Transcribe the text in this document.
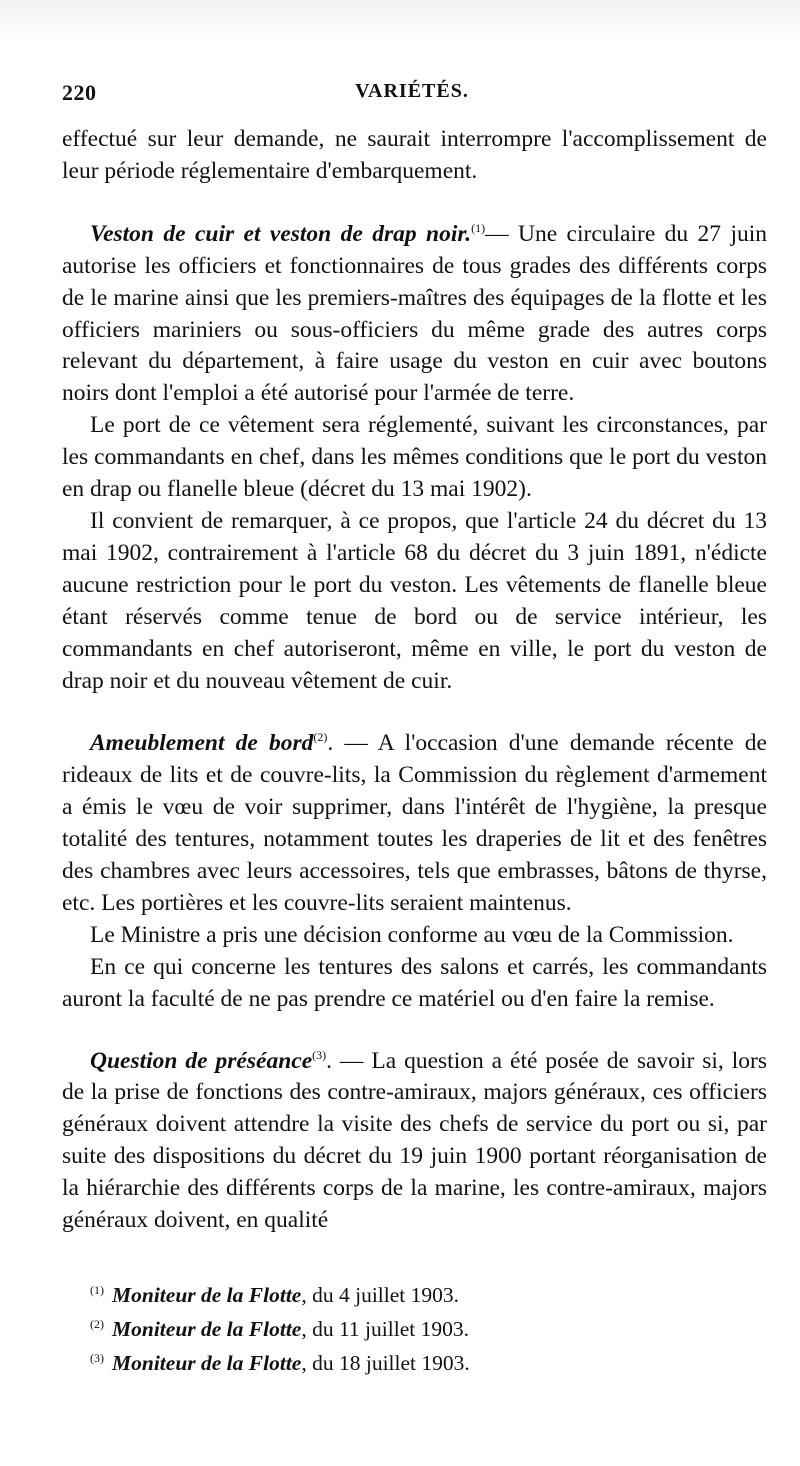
220	VARIÉTÉS.

effectué sur leur demande, ne saurait interrompre l'accomplissement de leur période réglementaire d'embarquement.

Veston de cuir et veston de drap noir.$^{(1)}$— Une circulaire du 27 juin autorise les officiers et fonctionnaires de tous grades des différents corps de le marine ainsi que les premiers-maîtres des équipages de la flotte et les officiers mariniers ou sous-officiers du même grade des autres corps relevant du département, à faire usage du veston en cuir avec boutons noirs dont l'emploi a été autorisé pour l'armée de terre.

Le port de ce vêtement sera réglementé, suivant les circonstances, par les commandants en chef, dans les mêmes conditions que le port du veston en drap ou flanelle bleue (décret du 13 mai 1902).

Il convient de remarquer, à ce propos, que l'article 24 du décret du 13 mai 1902, contrairement à l'article 68 du décret du 3 juin 1891, n'édicte aucune restriction pour le port du veston. Les vêtements de flanelle bleue étant réservés comme tenue de bord ou de service intérieur, les commandants en chef autoriseront, même en ville, le port du veston de drap noir et du nouveau vêtement de cuir.

Ameublement de bord$^{(2)}$. — A l'occasion d'une demande récente de rideaux de lits et de couvre-lits, la Commission du règlement d'armement a émis le vœu de voir supprimer, dans l'intérêt de l'hygiène, la presque totalité des tentures, notamment toutes les draperies de lit et des fenêtres des chambres avec leurs accessoires, tels que embrasses, bâtons de thyrse, etc. Les portières et les couvre-lits seraient maintenus.

Le Ministre a pris une décision conforme au vœu de la Commission.

En ce qui concerne les tentures des salons et carrés, les commandants auront la faculté de ne pas prendre ce matériel ou d'en faire la remise.

Question de préséance$^{(3)}$. — La question a été posée de savoir si, lors de la prise de fonctions des contre-amiraux, majors généraux, ces officiers généraux doivent attendre la visite des chefs de service du port ou si, par suite des dispositions du décret du 19 juin 1900 portant réorganisation de la hiérarchie des différents corps de la marine, les contre-amiraux, majors généraux doivent, en qualité

$^{(1)}$ Moniteur de la Flotte, du 4 juillet 1903.
$^{(2)}$ Moniteur de la Flotte, du 11 juillet 1903.
$^{(3)}$ Moniteur de la Flotte, du 18 juillet 1903.
